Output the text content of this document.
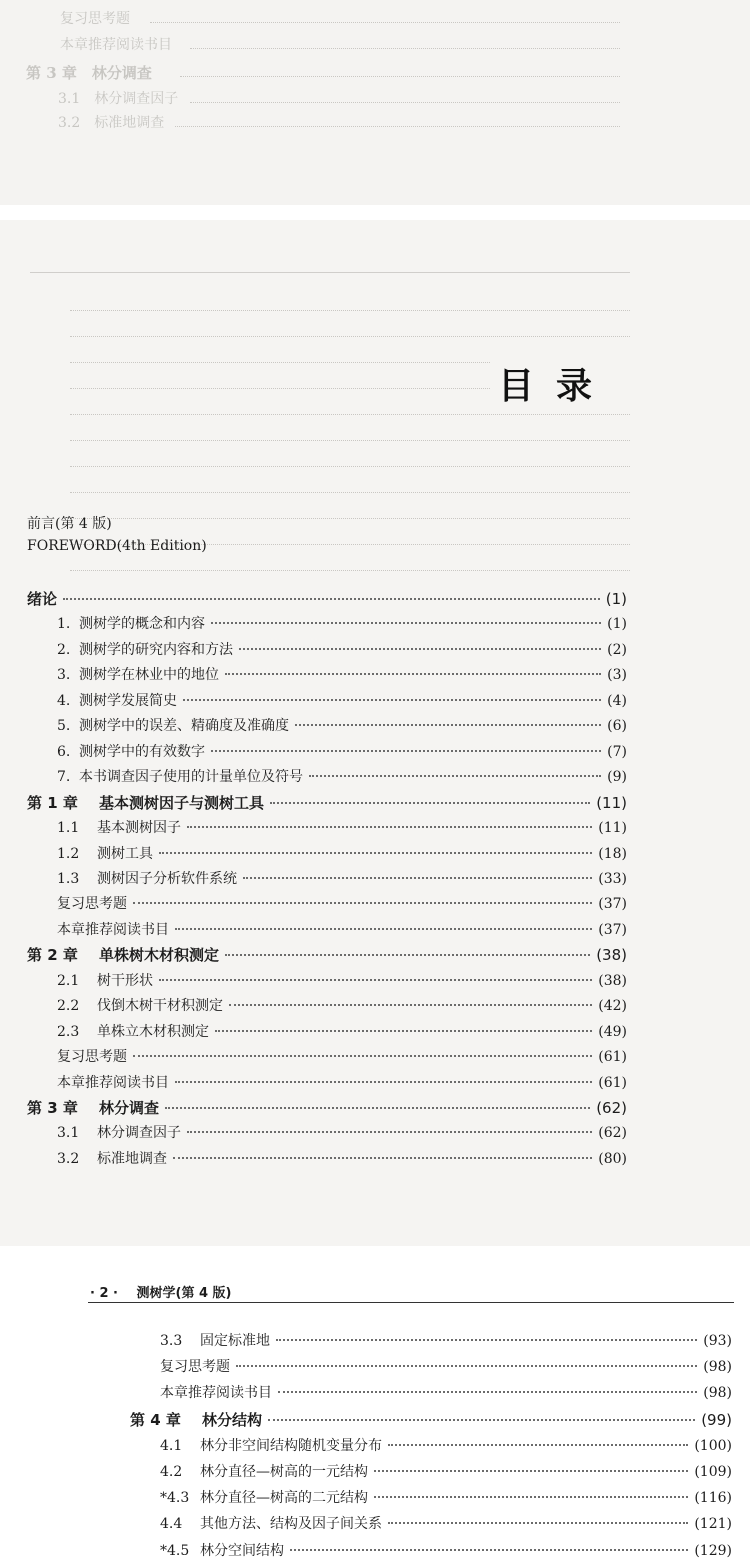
复习思考题
本章推荐阅读书目
第 3 章　林分调查
3.1　林分调查因子
3.2　标准地调查
目录
前言(第 4 版)
FOREWORD(4th Edition)
绪论	(1)
1. 测树学的概念和内容	(1)
2. 测树学的研究内容和方法	(2)
3. 测树学在林业中的地位	(3)
4. 测树学发展简史	(4)
5. 测树学中的误差、精确度及准确度	(6)
6. 测树学中的有效数字	(7)
7. 本书调查因子使用的计量单位及符号	(9)
第 1 章	基本测树因子与测树工具	(11)
1.1	基本测树因子	(11)
1.2	测树工具	(18)
1.3	测树因子分析软件系统	(33)
复习思考题	(37)
本章推荐阅读书目	(37)
第 2 章	单株树木材积测定	(38)
2.1	树干形状	(38)
2.2	伐倒木树干材积测定	(42)
2.3	单株立木材积测定	(49)
复习思考题	(61)
本章推荐阅读书目	(61)
第 3 章	林分调查	(62)
3.1	林分调查因子	(62)
3.2	标准地调查	(80)
· 2 · 测树学(第 4 版)
3.3	固定标准地	(93)
复习思考题	(98)
本章推荐阅读书目	(98)
第 4 章	林分结构	(99)
4.1	林分非空间结构随机变量分布	(100)
4.2	林分直径—树高的一元结构	(109)
*4.3 林分直径—树高的二元结构	(116)
4.4	其他方法、结构及因子间关系	(121)
*4.5 林分空间结构	(129)
